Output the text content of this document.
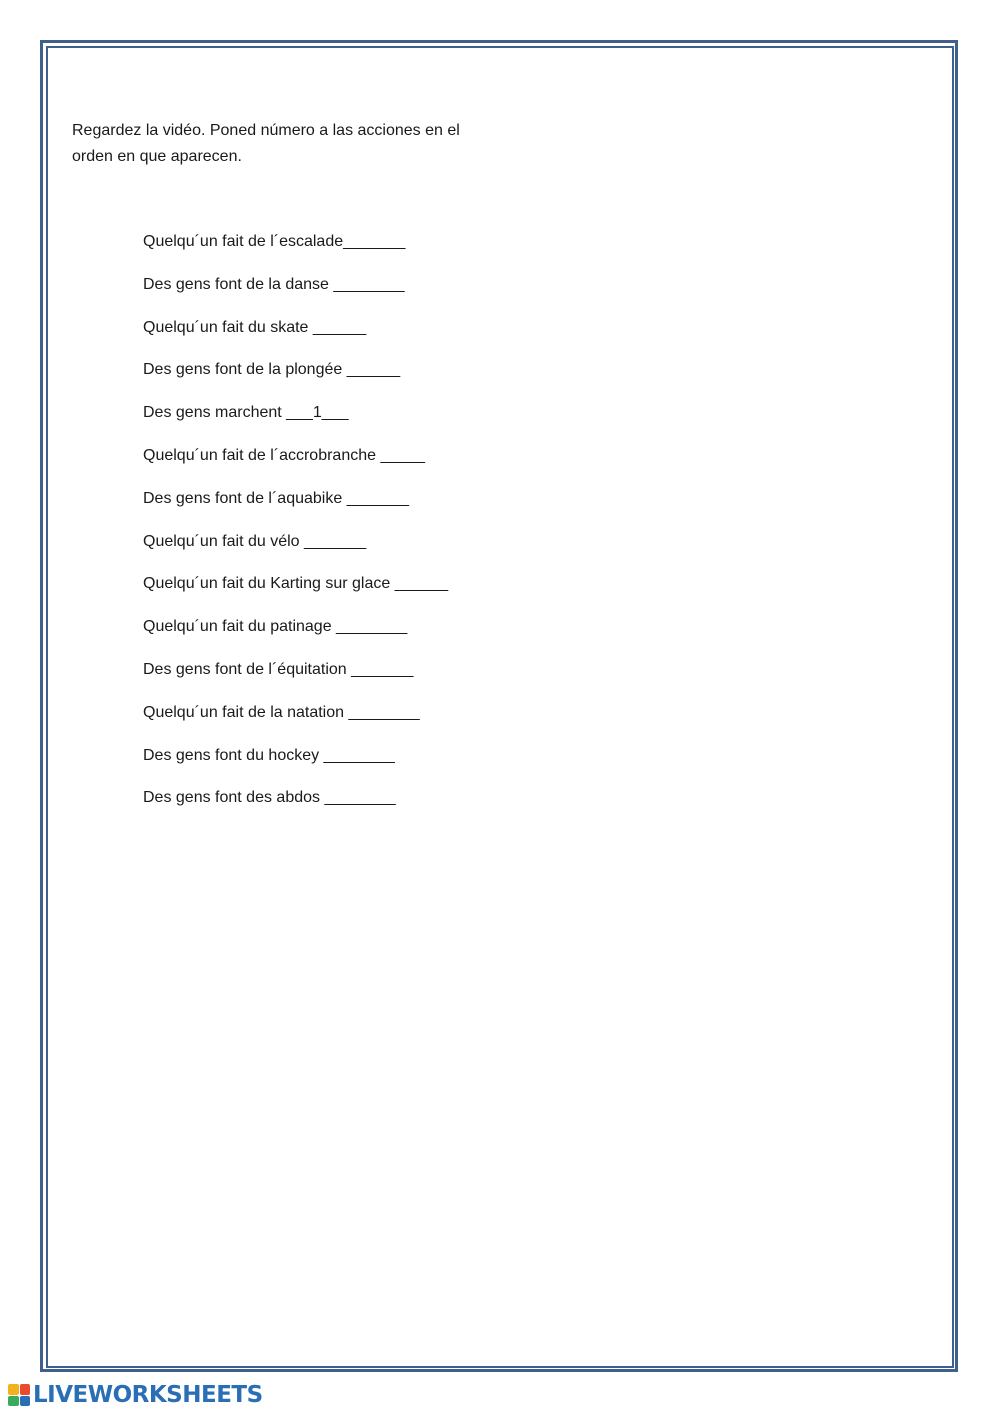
Regardez la vidéo. Poned número a las acciones en el orden en que aparecen.

Quelqu´un fait de l´escalade_______
Des gens font de la danse ________
Quelqu´un fait du skate ______
Des gens font de la plongée ______
Des gens marchent ___1___
Quelqu´un fait de l´accrobranche _____
Des gens font de l´aquabike _______
Quelqu´un fait du vélo _______
Quelqu´un fait du Karting sur glace ______
Quelqu´un fait du patinage ________
Des gens font de l´équitation _______
Quelqu´un fait de la natation ________
Des gens font du hockey ________
Des gens font des abdos ________
LIVEWORKSHEETS
